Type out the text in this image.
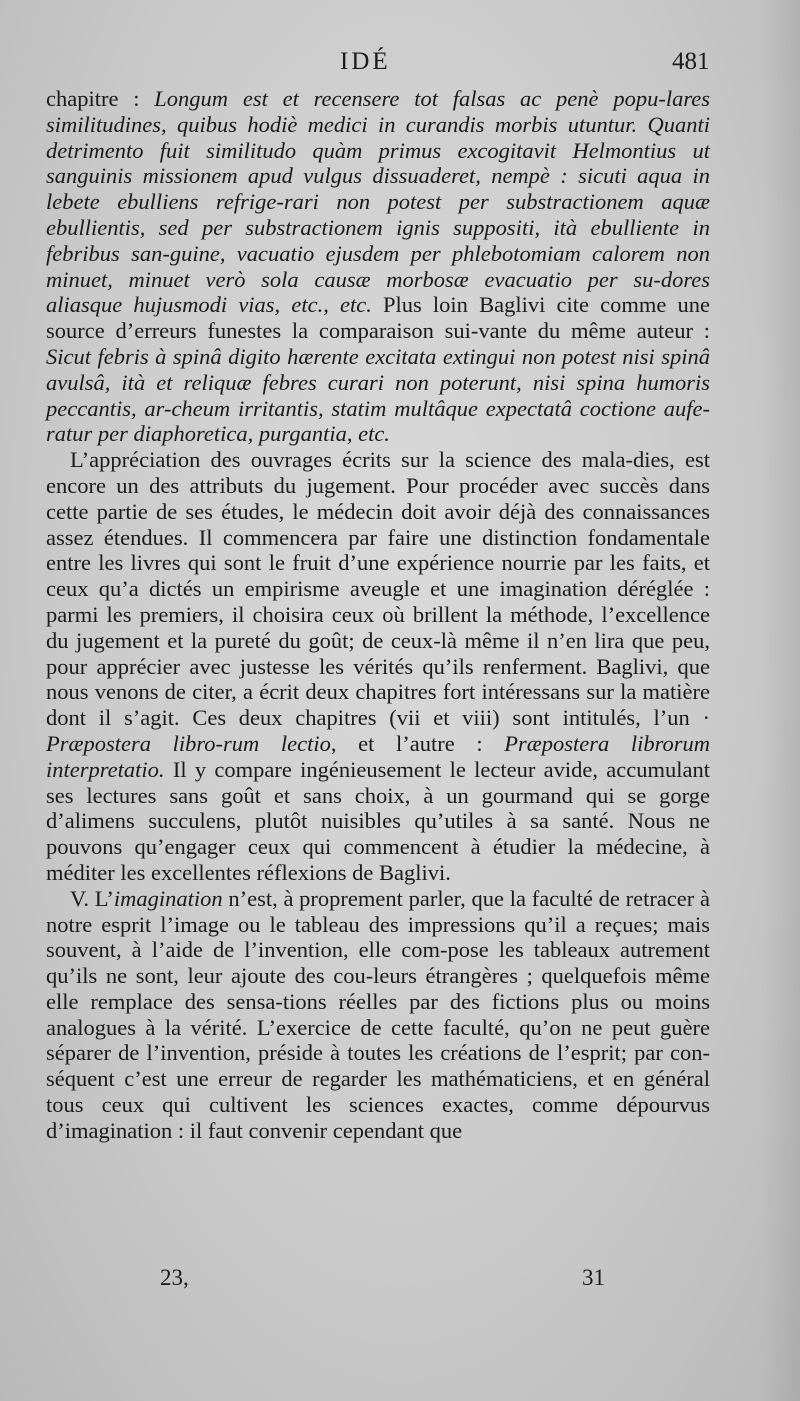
IDÉ	481

chapitre : Longum est et recensere tot falsas ac penè popu-lares similitudines, quibus hodiè medici in curandis morbis utuntur. Quanti detrimento fuit similitudo quàm primus excogitavit Helmontius ut sanguinis missionem apud vulgus dissuaderet, nempè : sicuti aqua in lebete ebulliens refrige-rari non potest per substractionem aquæ ebullientis, sed per substractionem ignis suppositi, ità ebulliente in febribus san-guine, vacuatio ejusdem per phlebotomiam calorem non minuet, minuet verò sola causæ morbosæ evacuatio per su-dores aliasque hujusmodi vias, etc., etc. Plus loin Baglivi cite comme une source d’erreurs funestes la comparaison sui-vante du même auteur : Sicut febris à spinâ digito hærente excitata extingui non potest nisi spinâ avulsâ, ità et reliquæ febres curari non poterunt, nisi spina humoris peccantis, ar-cheum irritantis, statim multâque expectatâ coctione aufe-ratur per diaphoretica, purgantia, etc.

L’appréciation des ouvrages écrits sur la science des mala-dies, est encore un des attributs du jugement. Pour procéder avec succès dans cette partie de ses études, le médecin doit avoir déjà des connaissances assez étendues. Il commencera par faire une distinction fondamentale entre les livres qui sont le fruit d’une expérience nourrie par les faits, et ceux qu’a dictés un empirisme aveugle et une imagination déréglée : parmi les premiers, il choisira ceux où brillent la méthode, l’excellence du jugement et la pureté du goût; de ceux-là même il n’en lira que peu, pour apprécier avec justesse les vérités qu’ils renferment. Baglivi, que nous venons de citer, a écrit deux chapitres fort intéressans sur la matière dont il s’agit. Ces deux chapitres (vii et viii) sont intitulés, l’un · Præpostera libro-rum lectio, et l’autre : Præpostera librorum interpretatio. Il y compare ingénieusement le lecteur avide, accumulant ses lectures sans goût et sans choix, à un gourmand qui se gorge d’alimens succulens, plutôt nuisibles qu’utiles à sa santé. Nous ne pouvons qu’engager ceux qui commencent à étudier la médecine, à méditer les excellentes réflexions de Baglivi.

V. L’imagination n’est, à proprement parler, que la faculté de retracer à notre esprit l’image ou le tableau des impressions qu’il a reçues; mais souvent, à l’aide de l’invention, elle com-pose les tableaux autrement qu’ils ne sont, leur ajoute des cou-leurs étrangères ; quelquefois même elle remplace des sensa-tions réelles par des fictions plus ou moins analogues à la vérité. L’exercice de cette faculté, qu’on ne peut guère séparer de l’invention, préside à toutes les créations de l’esprit; par con-séquent c’est une erreur de regarder les mathématiciens, et en général tous ceux qui cultivent les sciences exactes, comme dépourvus d’imagination : il faut convenir cependant que

23,	31
